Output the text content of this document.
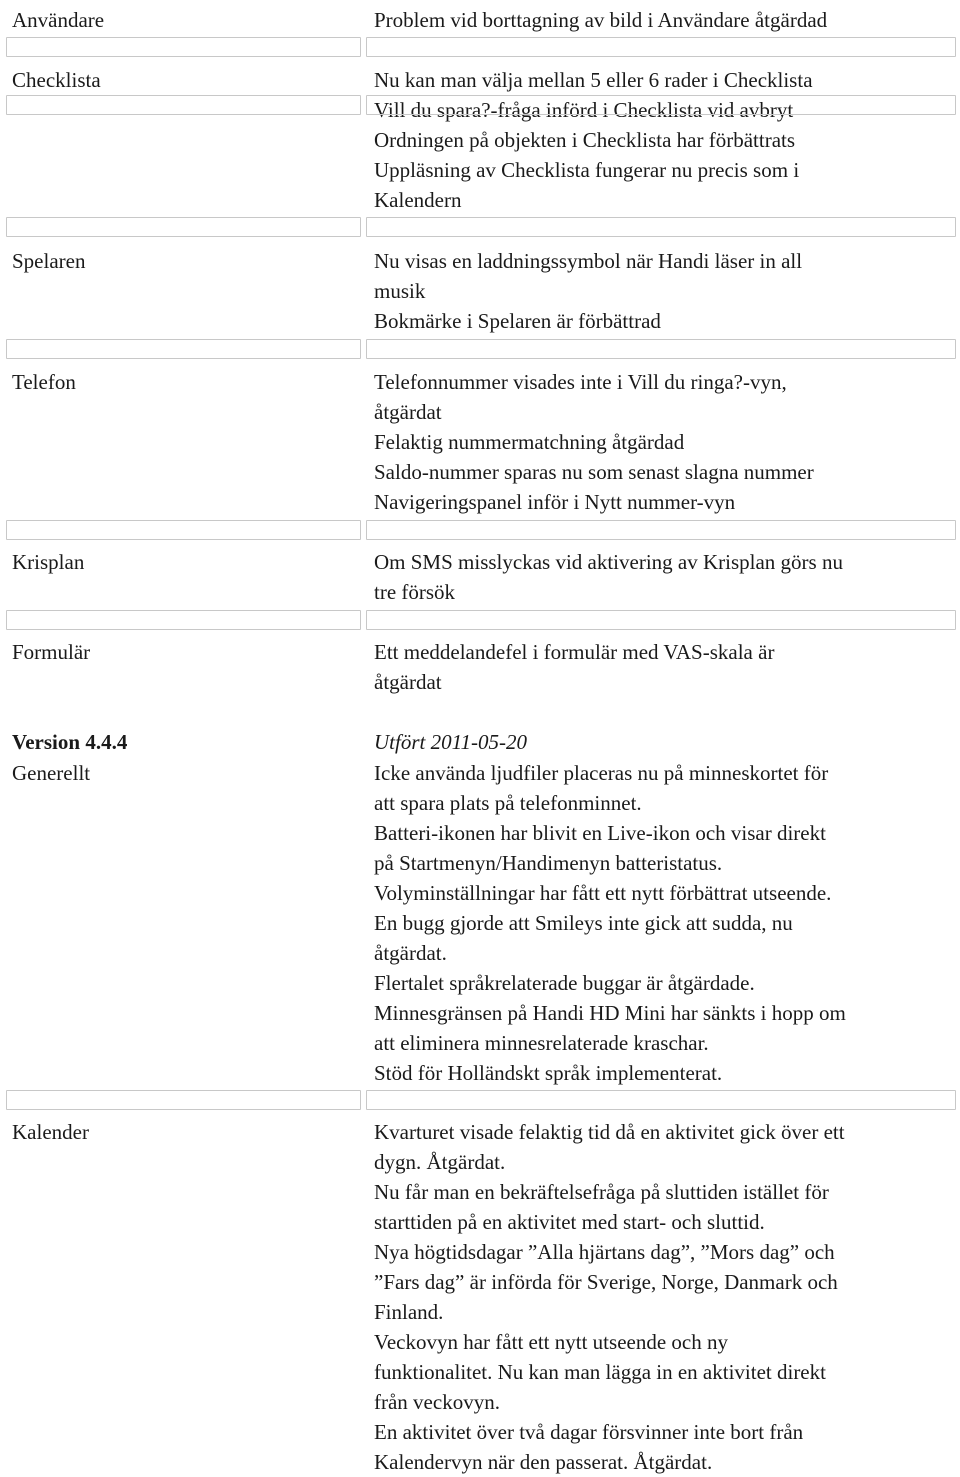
Användare	Problem vid borttagning av bild i Användare åtgärdad
Checklista	Nu kan man välja mellan 5 eller 6 rader i Checklista
Vill du spara?-fråga införd i Checklista vid avbryt
Ordningen på objekten i Checklista har förbättrats
Uppläsning av Checklista fungerar nu precis som i
Kalendern
Spelaren	Nu visas en laddningssymbol när Handi läser in all
musik
Bokmärke i Spelaren är förbättrad
Telefon	Telefonnummer visades inte i Vill du ringa?-vyn,
åtgärdat
Felaktig nummermatchning åtgärdad
Saldo-nummer sparas nu som senast slagna nummer
Navigeringspanel inför i Nytt nummer-vyn
Krisplan	Om SMS misslyckas vid aktivering av Krisplan görs nu
tre försök
Formulär	Ett meddelandefel i formulär med VAS-skala är
åtgärdat
Version 4.4.4	Utfört 2011-05-20
Generellt	Icke använda ljudfiler placeras nu på minneskortet för
att spara plats på telefonminnet.
Batteri-ikonen har blivit en Live-ikon och visar direkt
på Startmenyn/Handimenyn batteristatus.
Volyminställningar har fått ett nytt förbättrat utseende.
En bugg gjorde att Smileys inte gick att sudda, nu
åtgärdat.
Flertalet språkrelaterade buggar är åtgärdade.
Minnesgränsen på Handi HD Mini har sänkts i hopp om
att eliminera minnesrelaterade kraschar.
Stöd för Holländskt språk implementerat.
Kalender	Kvarturet visade felaktig tid då en aktivitet gick över ett
dygn. Åtgärdat.
Nu får man en bekräftelsefråga på sluttiden istället för
starttiden på en aktivitet med start- och sluttid.
Nya högtidsdagar ”Alla hjärtans dag”, ”Mors dag” och
”Fars dag” är införda för Sverige, Norge, Danmark och
Finland.
Veckovyn har fått ett nytt utseende och ny
funktionalitet. Nu kan man lägga in en aktivitet direkt
från veckovyn.
En aktivitet över två dagar försvinner inte bort från
Kalendervyn när den passerat. Åtgärdat.
